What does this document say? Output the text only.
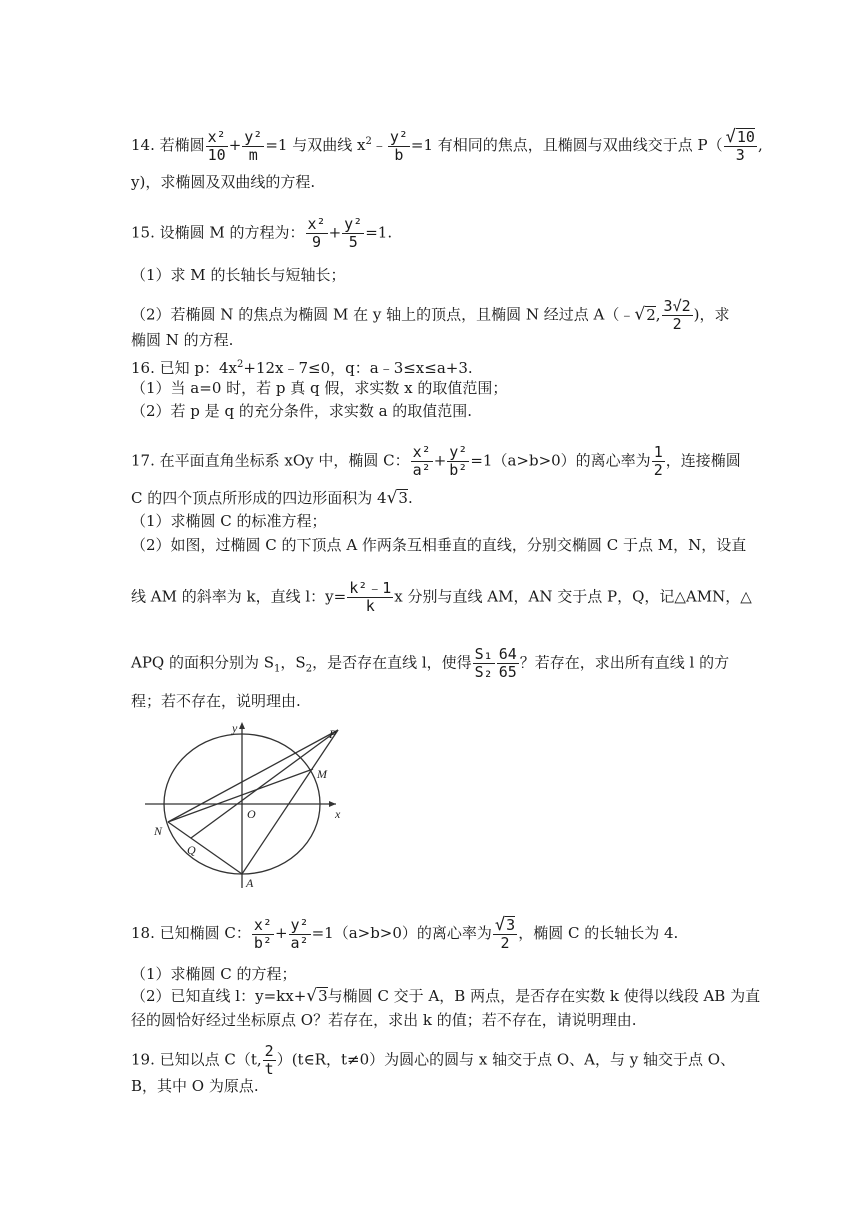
14. 若椭圆 $\frac{\text{x²}}{10} + \frac{\text{y²}}{m} =1$ 与双曲线 $x^2﹣ \frac{\text{y²}}{b} =1$ 有相同的焦点，且椭圆与双曲线交于点 $P( \frac{√10}{3}$ ,
y)，求椭圆及双曲线的方程.
15. 设椭圆 M 的方程为： $\frac{\text{x²}}{9} + \frac{\text{y²}}{5} =1$.
（1）求 M 的长轴长与短轴长；
（2）若椭圆 N 的焦点为椭圆 M 在 y 轴上的顶点，且椭圆 N 经过点 A（﹣√2, $\frac{3√2}{2}$ )，求
椭圆 N 的方程.
16. 已知 p：$4x^2+12x﹣7\le 0$，q：a﹣3≤x≤a+3.
（1）当 a=0 时，若 p 真 q 假，求实数 x 的取值范围；
（2）若 p 是 q 的充分条件，求实数 a 的取值范围.
17. 在平面直角坐标系 xOy 中，椭圆 C： $\frac{\text{x²}}{\text{a²}} + \frac{\text{y²}}{\text{b²}} =1(a>b>0)$的离心率为 $\frac{1}{2}$ ，连接椭圆
C 的四个顶点所形成的四边形面积为 4√3.
（1）求椭圆 C 的标准方程；
（2）如图，过椭圆 C 的下顶点 A 作两条互相垂直的直线，分别交椭圆 C 于点 M，N，设直
线 AM 的斜率为 k，直线 l：$y= \frac{\text{k²﹣1}}{k}$ x 分别与直线 AM，AN 交于点 P，Q，记△AMN，△
APQ 的面积分别为 $S_1$，$S_2$，是否存在直线 l，使得 $\frac{\text{S₁}}{\text{S₂}} \frac{64}{65}$ ？若存在，求出所有直线 l 的方
程；若不存在，说明理由.
y
x
O
P
M
N
Q
A
18. 已知椭圆 C： $\frac{\text{x²}}{\text{b²}} + \frac{\text{y²}}{\text{a²}} =1(a>b>0)$的离心率为 $\frac{√3}{2}$ ，椭圆 C 的长轴长为 4.
（1）求椭圆 C 的方程；
（2）已知直线 l：y=kx+√3与椭圆 C 交于 A，B 两点，是否存在实数 k 使得以线段 AB 为直
径的圆恰好经过坐标原点 O？若存在，求出 k 的值；若不存在，请说明理由.
19. 已知以点 C（t, $\frac{2}{t}$ ）(t∈R，t≠0）为圆心的圆与 x 轴交于点 O、A，与 y 轴交于点 O、
B，其中 O 为原点.
